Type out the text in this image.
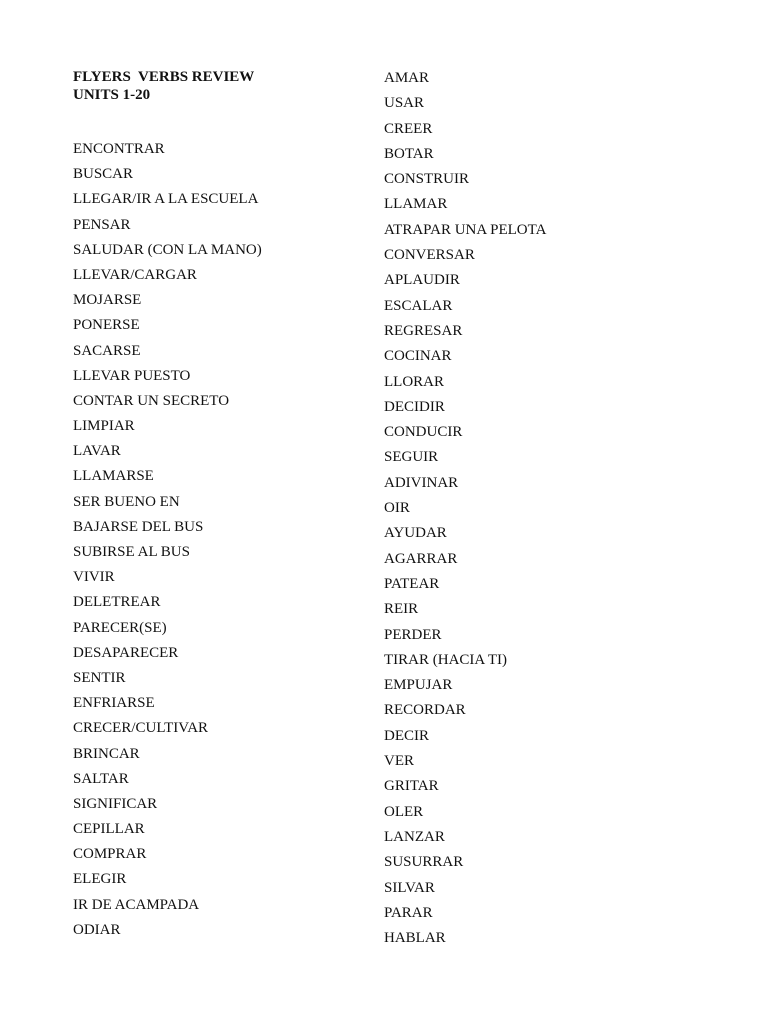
FLYERS  VERBS REVIEW
UNITS 1-20
ENCONTRAR
BUSCAR
LLEGAR/IR A LA ESCUELA
PENSAR
SALUDAR (CON LA MANO)
LLEVAR/CARGAR
MOJARSE
PONERSE
SACARSE
LLEVAR PUESTO
CONTAR UN SECRETO
LIMPIAR
LAVAR
LLAMARSE
SER BUENO EN
BAJARSE DEL BUS
SUBIRSE AL BUS
VIVIR
DELETREAR
PARECER(SE)
DESAPARECER
SENTIR
ENFRIARSE
CRECER/CULTIVAR
BRINCAR
SALTAR
SIGNIFICAR
CEPILLAR
COMPRAR
ELEGIR
IR DE ACAMPADA
ODIAR
AMAR
USAR
CREER
BOTAR
CONSTRUIR
LLAMAR
ATRAPAR UNA PELOTA
CONVERSAR
APLAUDIR
ESCALAR
REGRESAR
COCINAR
LLORAR
DECIDIR
CONDUCIR
SEGUIR
ADIVINAR
OIR
AYUDAR
AGARRAR
PATEAR
REIR
PERDER
TIRAR (HACIA TI)
EMPUJAR
RECORDAR
DECIR
VER
GRITAR
OLER
LANZAR
SUSURRAR
SILVAR
PARAR
HABLAR
